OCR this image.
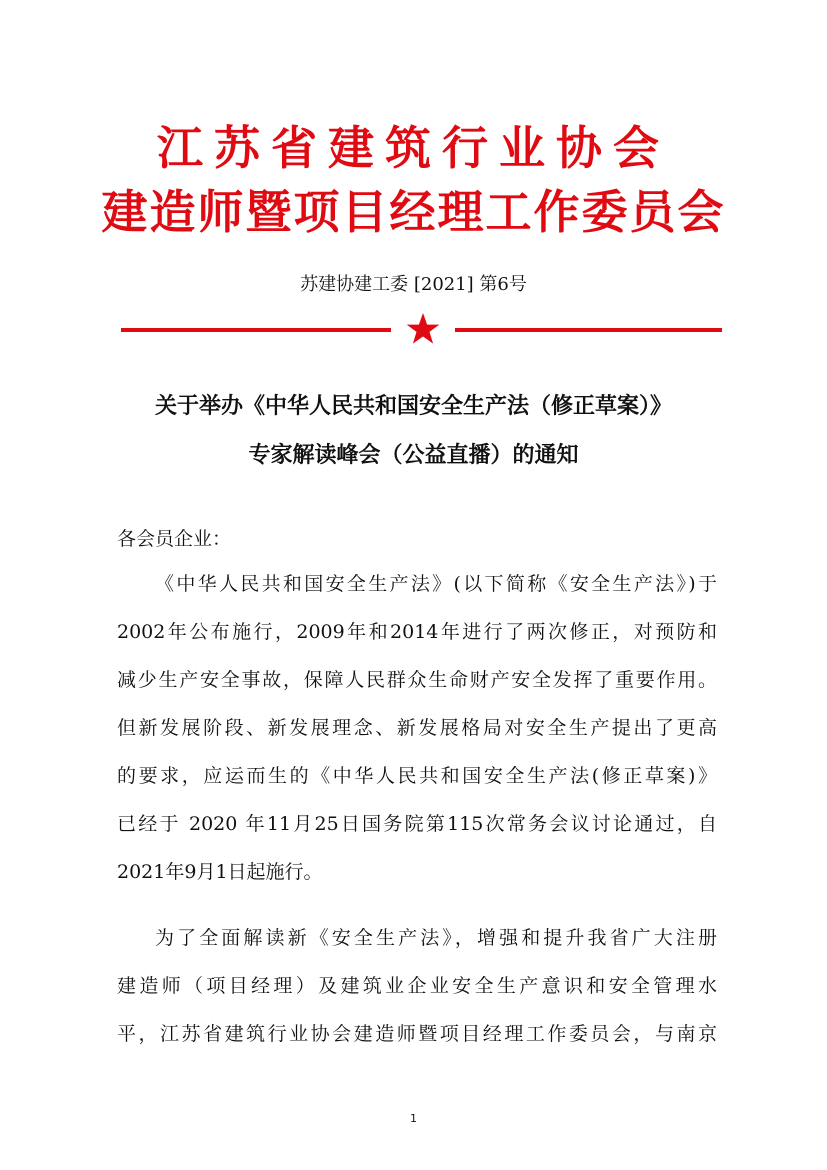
江苏省建筑行业协会
建造师暨项目经理工作委员会
苏建协建工委 [2021] 第6号
关于举办《中华人民共和国安全生产法（修正草案）》
专家解读峰会（公益直播）的通知
各会员企业：
《中华人民共和国安全生产法》(以下简称《安全生产法》)于
2002年公布施行，2009年和2014年进行了两次修正，对预防和
减少生产安全事故，保障人民群众生命财产安全发挥了重要作用。
但新发展阶段、新发展理念、新发展格局对安全生产提出了更高
的要求，应运而生的《中华人民共和国安全生产法(修正草案)》
已经于 2020 年11月25日国务院第115次常务会议讨论通过，自
2021年9月1日起施行。
为了全面解读新《安全生产法》，增强和提升我省广大注册
建造师（项目经理）及建筑业企业安全生产意识和安全管理水
平，江苏省建筑行业协会建造师暨项目经理工作委员会，与南京
1
